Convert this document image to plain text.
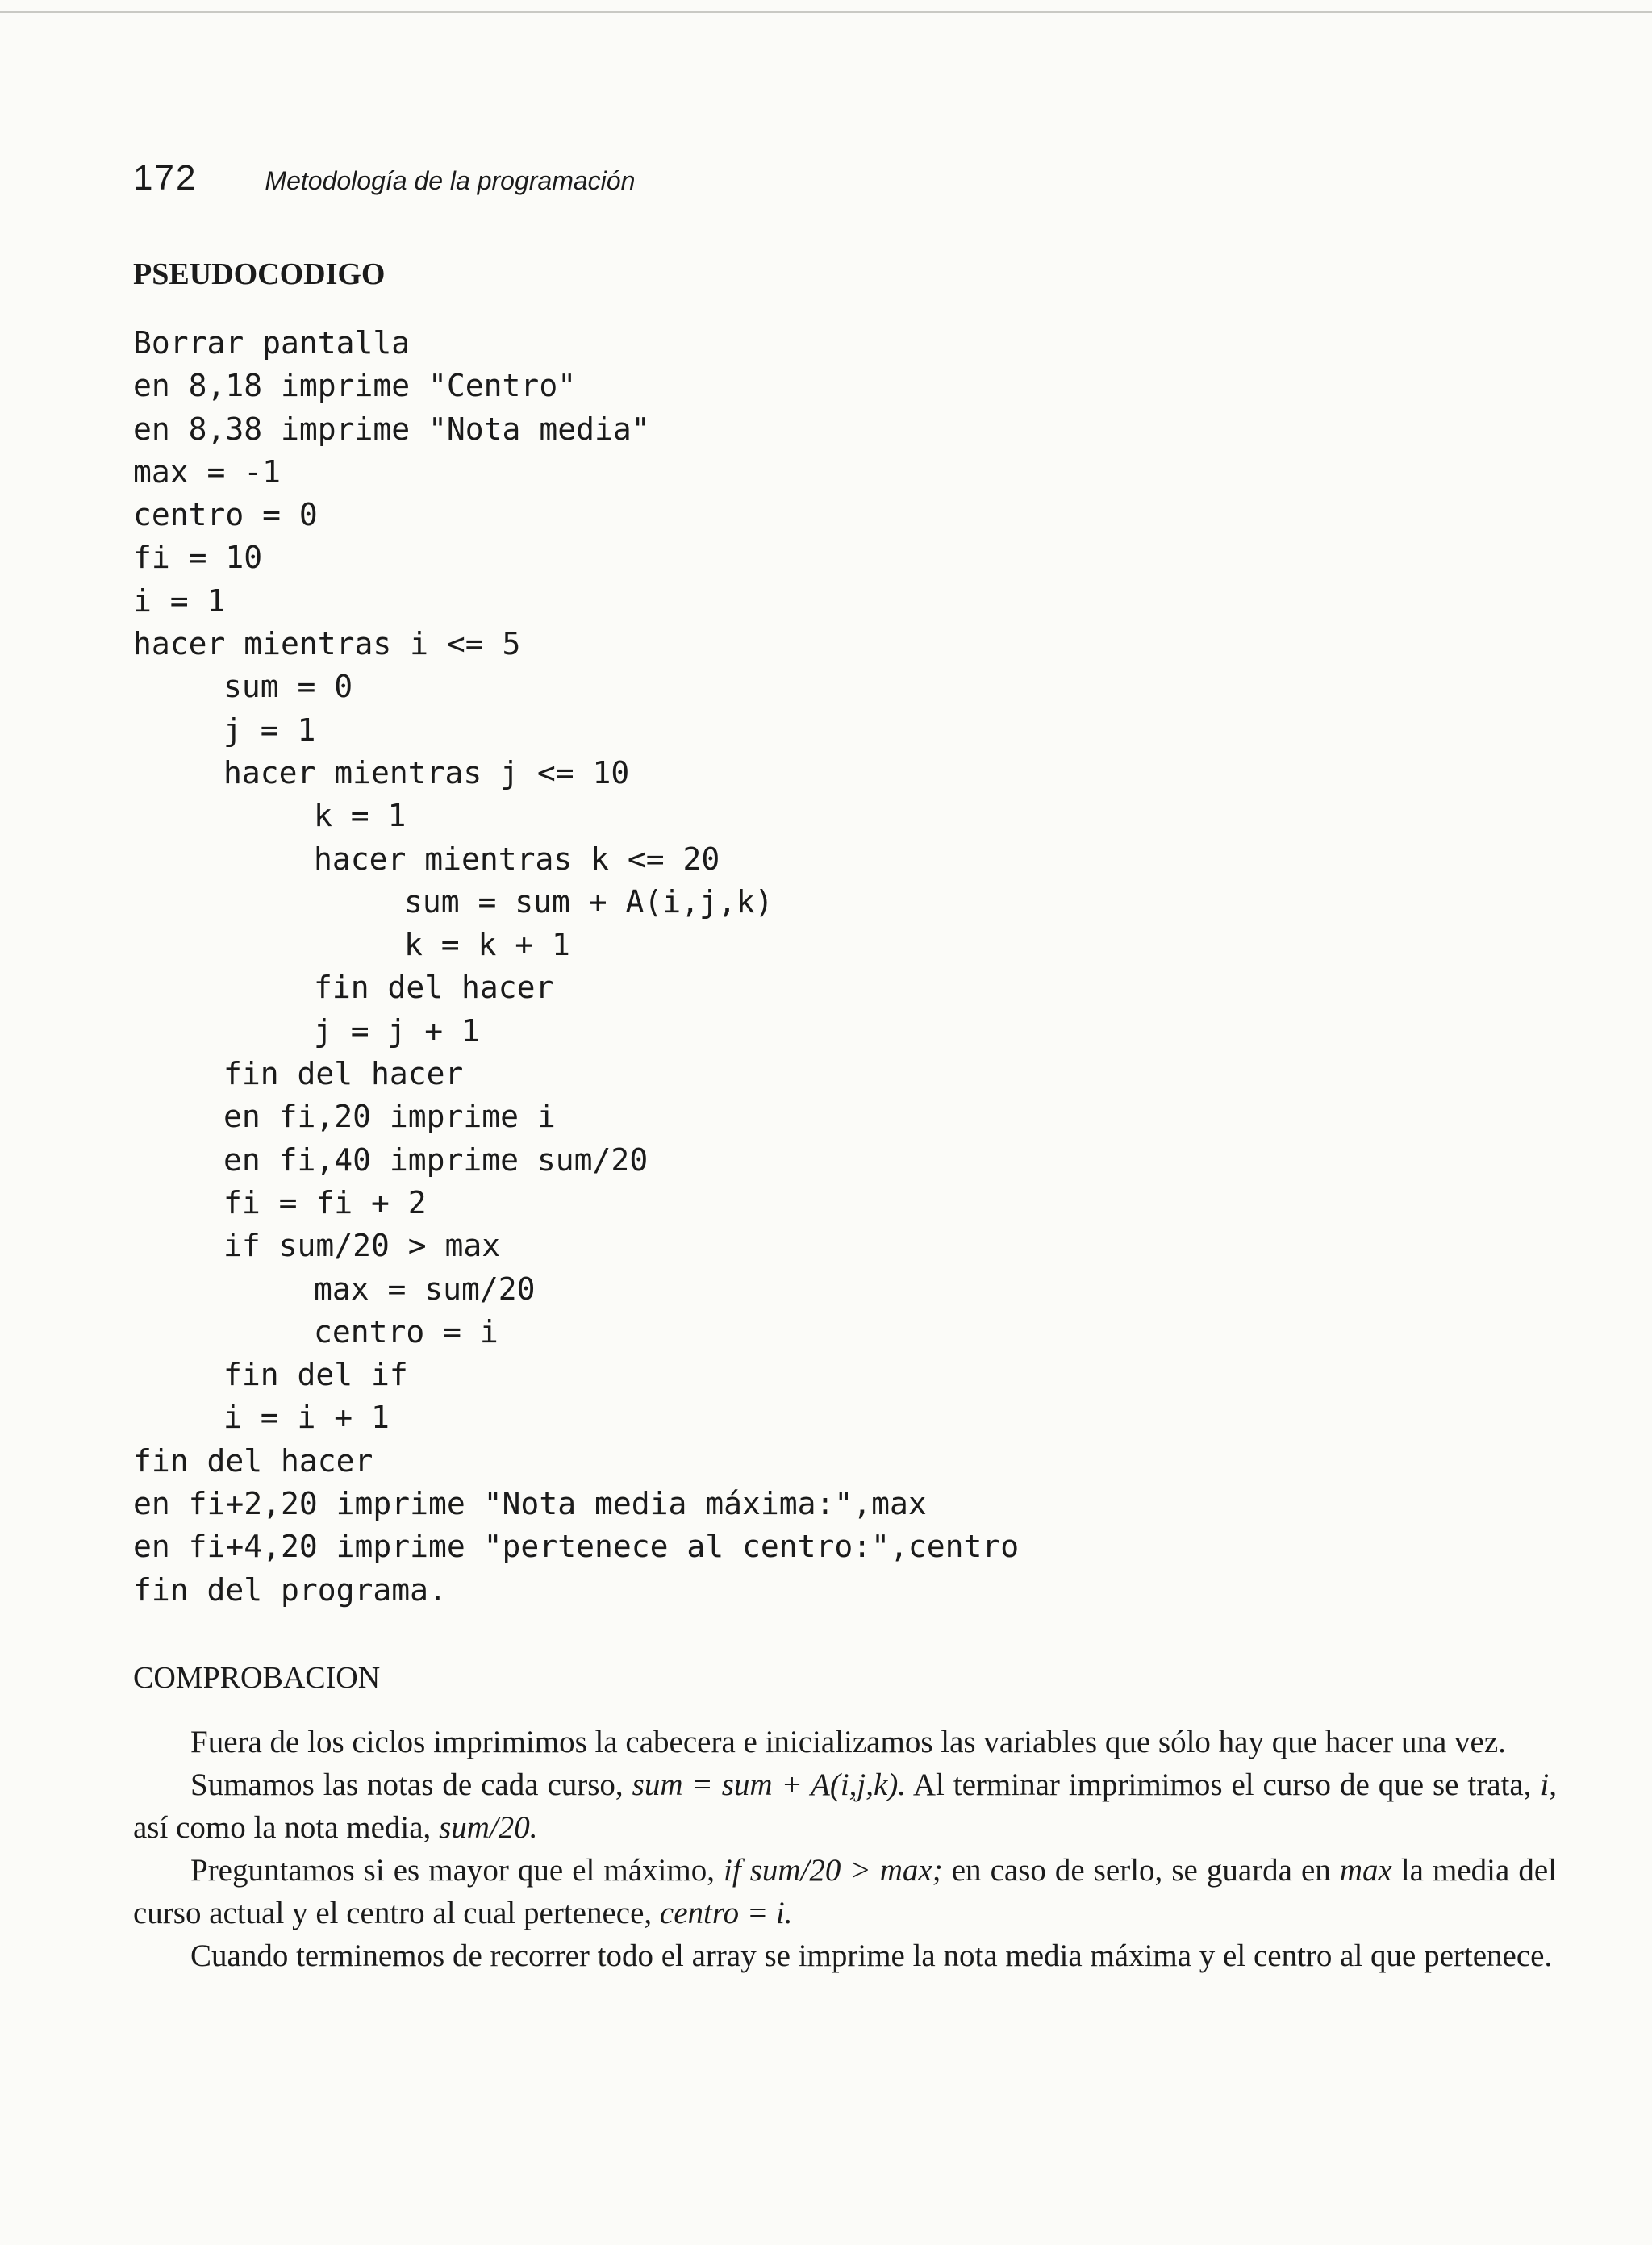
172	Metodología de la programación
PSEUDOCODIGO
Borrar pantalla
en 8,18 imprime "Centro"
en 8,38 imprime "Nota media"
max = -1
centro = 0
fi = 10
i = 1
hacer mientras i <= 5
sum = 0
j = 1
hacer mientras j <= 10
k = 1
hacer mientras k <= 20
sum = sum + A(i,j,k)
k = k + 1
fin del hacer
j = j + 1
fin del hacer
en fi,20 imprime i
en fi,40 imprime sum/20
fi = fi + 2
if sum/20 > max
max = sum/20
centro = i
fin del if
i = i + 1
fin del hacer
en fi+2,20 imprime "Nota media máxima:",max
en fi+4,20 imprime "pertenece al centro:",centro
fin del programa.
COMPROBACION

Fuera de los ciclos imprimimos la cabecera e inicializamos las variables que sólo hay que hacer una vez.

Sumamos las notas de cada curso, sum = sum + A(i,j,k). Al terminar imprimimos el curso de que se trata, i, así como la nota media, sum/20.

Preguntamos si es mayor que el máximo, if sum/20 > max; en caso de serlo, se guarda en max la media del curso actual y el centro al cual pertenece, centro = i.

Cuando terminemos de recorrer todo el array se imprime la nota media máxima y el centro al que pertenece.
